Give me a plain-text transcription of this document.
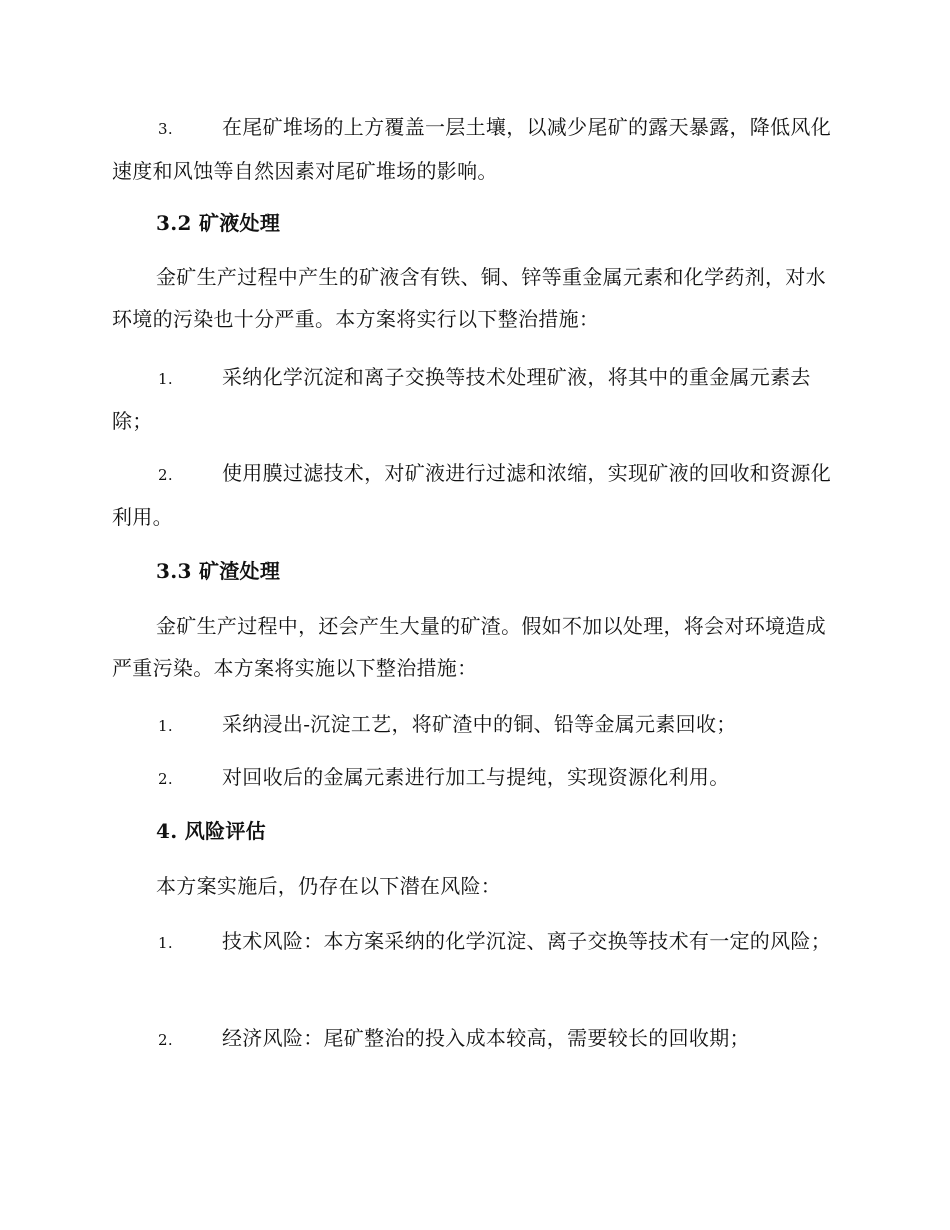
3. 在尾矿堆场的上方覆盖一层土壤，以减少尾矿的露天暴露，降低风化速度和风蚀等自然因素对尾矿堆场的影响。
3.2 矿液处理
金矿生产过程中产生的矿液含有铁、铜、锌等重金属元素和化学药剂，对水环境的污染也十分严重。本方案将实行以下整治措施：
1. 采纳化学沉淀和离子交换等技术处理矿液，将其中的重金属元素去除；
2. 使用膜过滤技术，对矿液进行过滤和浓缩，实现矿液的回收和资源化利用。
3.3 矿渣处理
金矿生产过程中，还会产生大量的矿渣。假如不加以处理，将会对环境造成严重污染。本方案将实施以下整治措施：
1. 采纳浸出-沉淀工艺，将矿渣中的铜、铅等金属元素回收；
2. 对回收后的金属元素进行加工与提纯，实现资源化利用。
4. 风险评估
本方案实施后，仍存在以下潜在风险：
1. 技术风险：本方案采纳的化学沉淀、离子交换等技术有一定的风险；
2. 经济风险：尾矿整治的投入成本较高，需要较长的回收期；
